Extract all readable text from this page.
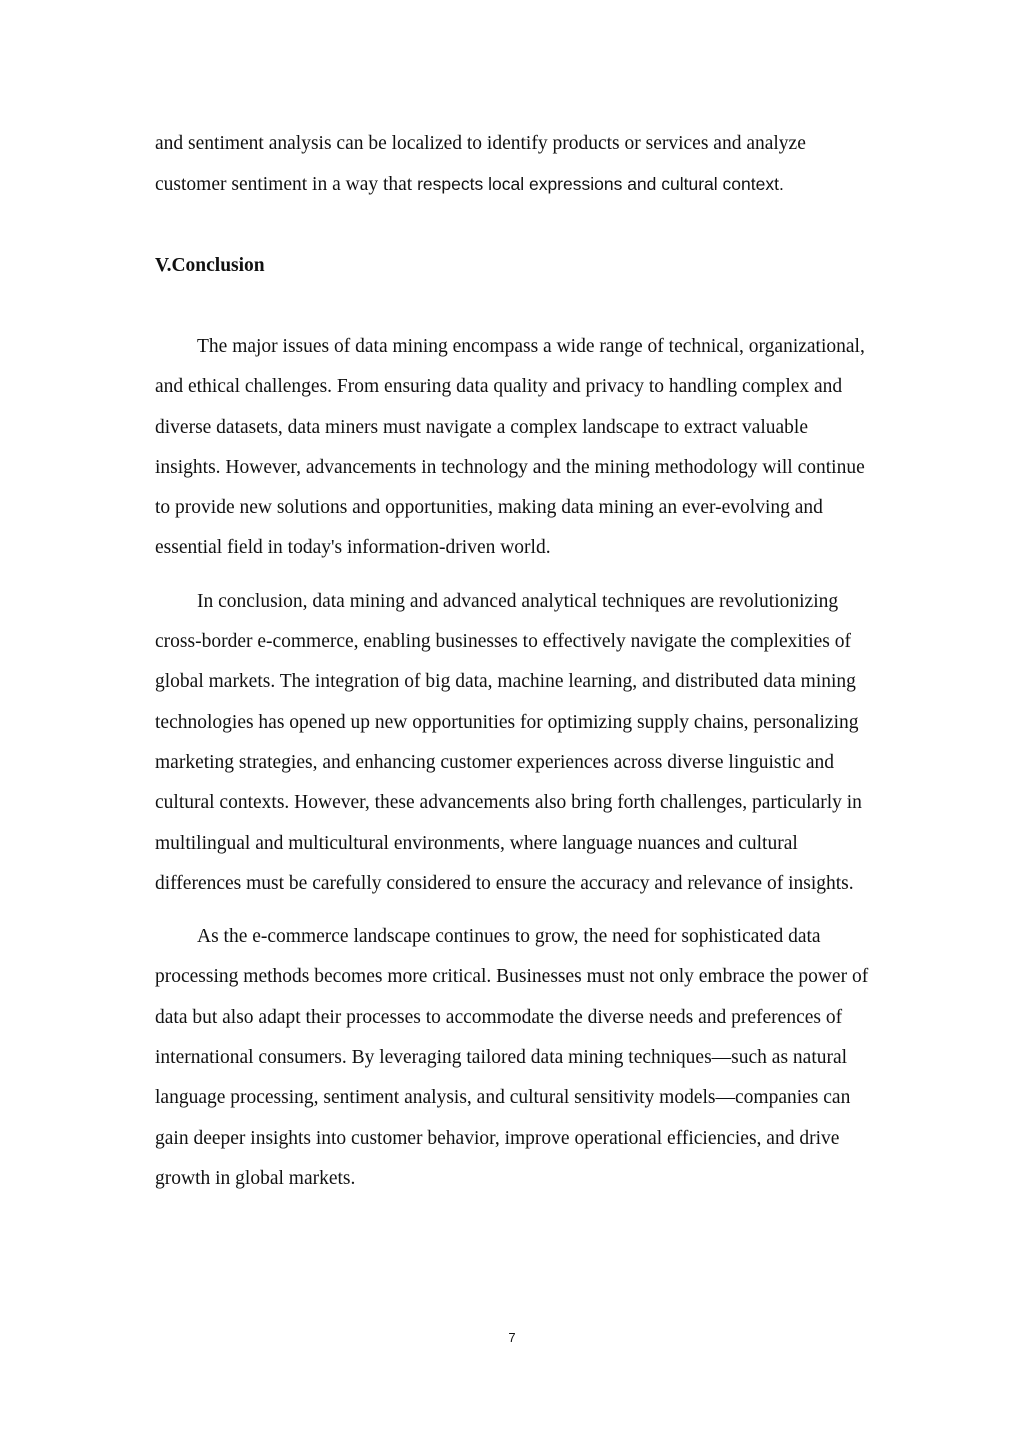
and sentiment analysis can be localized to identify products or services and analyze customer sentiment in a way that respects local expressions and cultural context.
V.Conclusion

The major issues of data mining encompass a wide range of technical, organizational, and ethical challenges. From ensuring data quality and privacy to handling complex and diverse datasets, data miners must navigate a complex landscape to extract valuable insights. However, advancements in technology and the mining methodology will continue to provide new solutions and opportunities, making data mining an ever-evolving and essential field in today's information-driven world.

In conclusion, data mining and advanced analytical techniques are revolutionizing cross-border e-commerce, enabling businesses to effectively navigate the complexities of global markets. The integration of big data, machine learning, and distributed data mining technologies has opened up new opportunities for optimizing supply chains, personalizing marketing strategies, and enhancing customer experiences across diverse linguistic and cultural contexts. However, these advancements also bring forth challenges, particularly in multilingual and multicultural environments, where language nuances and cultural differences must be carefully considered to ensure the accuracy and relevance of insights.

As the e-commerce landscape continues to grow, the need for sophisticated data processing methods becomes more critical. Businesses must not only embrace the power of data but also adapt their processes to accommodate the diverse needs and preferences of international consumers. By leveraging tailored data mining techniques—such as natural language processing, sentiment analysis, and cultural sensitivity models—companies can gain deeper insights into customer behavior, improve operational efficiencies, and drive growth in global markets.

7
